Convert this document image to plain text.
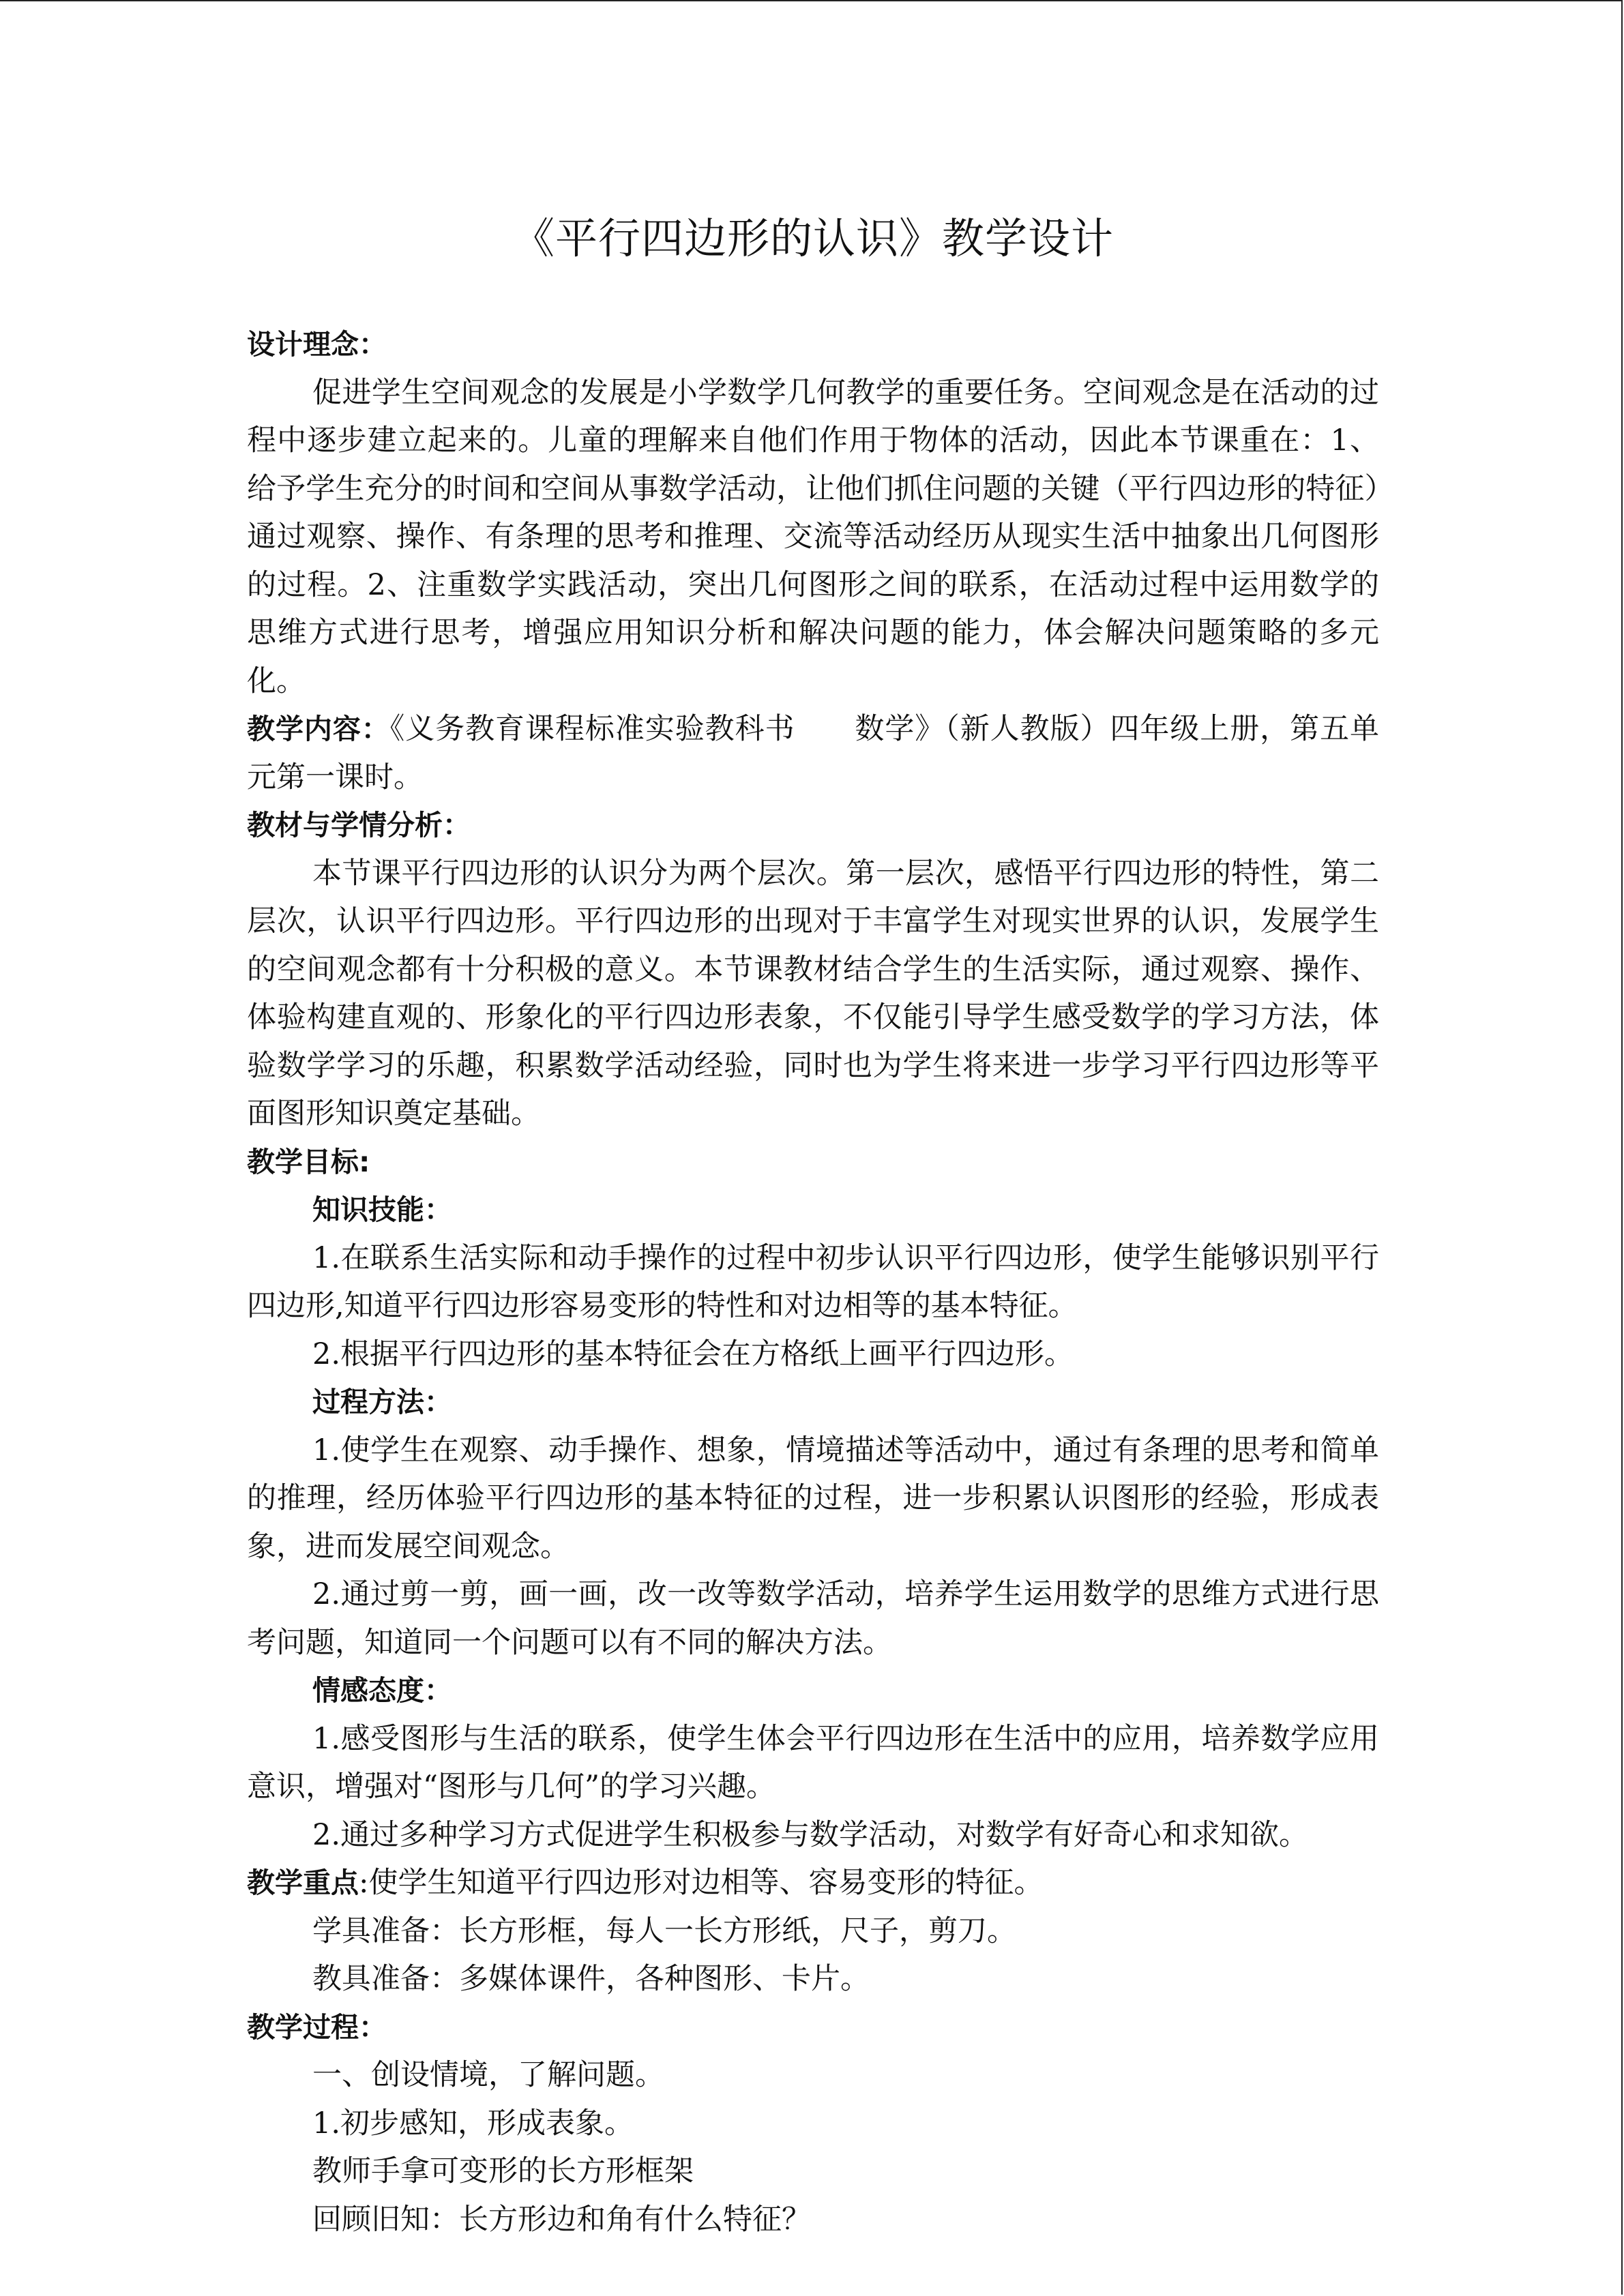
《平行四边形的认识》教学设计

设计理念：

促进学生空间观念的发展是小学数学几何教学的重要任务。空间观念是在活动的过程中逐步建立起来的。儿童的理解来自他们作用于物体的活动，因此本节课重在：1、给予学生充分的时间和空间从事数学活动，让他们抓住问题的关键（平行四边形的特征）通过观察、操作、有条理的思考和推理、交流等活动经历从现实生活中抽象出几何图形的过程。2、注重数学实践活动，突出几何图形之间的联系，在活动过程中运用数学的思维方式进行思考，增强应用知识分析和解决问题的能力，体会解决问题策略的多元化。

教学内容：《义务教育课程标准实验教科书　　数学》（新人教版）四年级上册，第五单元第一课时。

教材与学情分析：

本节课平行四边形的认识分为两个层次。第一层次，感悟平行四边形的特性，第二层次，认识平行四边形。平行四边形的出现对于丰富学生对现实世界的认识，发展学生的空间观念都有十分积极的意义。本节课教材结合学生的生活实际，通过观察、操作、体验构建直观的、形象化的平行四边形表象，不仅能引导学生感受数学的学习方法，体验数学学习的乐趣，积累数学活动经验，同时也为学生将来进一步学习平行四边形等平面图形知识奠定基础。

教学目标:

知识技能：

1.在联系生活实际和动手操作的过程中初步认识平行四边形，使学生能够识别平行四边形,知道平行四边形容易变形的特性和对边相等的基本特征。

2.根据平行四边形的基本特征会在方格纸上画平行四边形。

过程方法：

1.使学生在观察、动手操作、想象，情境描述等活动中，通过有条理的思考和简单的推理，经历体验平行四边形的基本特征的过程，进一步积累认识图形的经验，形成表象，进而发展空间观念。

2.通过剪一剪，画一画，改一改等数学活动，培养学生运用数学的思维方式进行思考问题，知道同一个问题可以有不同的解决方法。

情感态度：

1.感受图形与生活的联系，使学生体会平行四边形在生活中的应用，培养数学应用意识，增强对“图形与几何”的学习兴趣。

2.通过多种学习方式促进学生积极参与数学活动，对数学有好奇心和求知欲。

教学重点:使学生知道平行四边形对边相等、容易变形的特征。

学具准备：长方形框，每人一长方形纸，尺子，剪刀。

教具准备：多媒体课件，各种图形、卡片。

教学过程：

一、创设情境，了解问题。

1.初步感知，形成表象。

教师手拿可变形的长方形框架

回顾旧知：长方形边和角有什么特征？
